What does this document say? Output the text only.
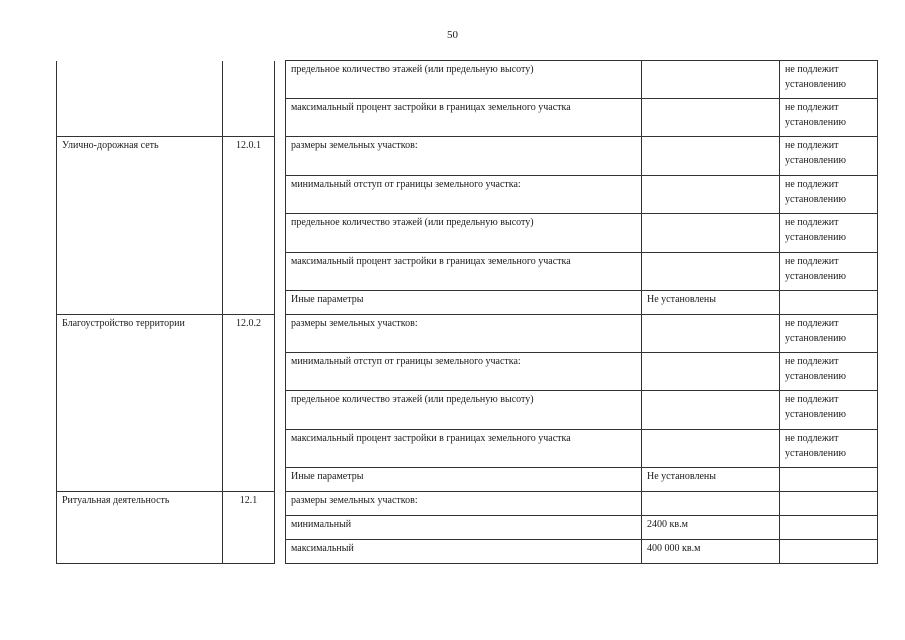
50
			предельное количество этажей (или предельную высоту)		не подлежит установлению
			максимальный процент застройки в границах земельного участка		не подлежит установлению
Улично-дорожная сеть	12.0.1		размеры земельных участков:		не подлежит установлению
			минимальный отступ от границы земельного участка:		не подлежит установлению
			предельное количество этажей (или предельную высоту)		не подлежит установлению
			максимальный процент застройки в границах земельного участка		не подлежит установлению
			Иные параметры	Не установлены	
Благоустройство территории	12.0.2		размеры земельных участков:		не подлежит установлению
			минимальный отступ от границы земельного участка:		не подлежит установлению
			предельное количество этажей (или предельную высоту)		не подлежит установлению
			максимальный процент застройки в границах земельного участка		не подлежит установлению
			Иные параметры	Не установлены	
Ритуальная деятельность	12.1		размеры земельных участков:		
			минимальный	2400 кв.м	
			максимальный	400 000 кв.м	
